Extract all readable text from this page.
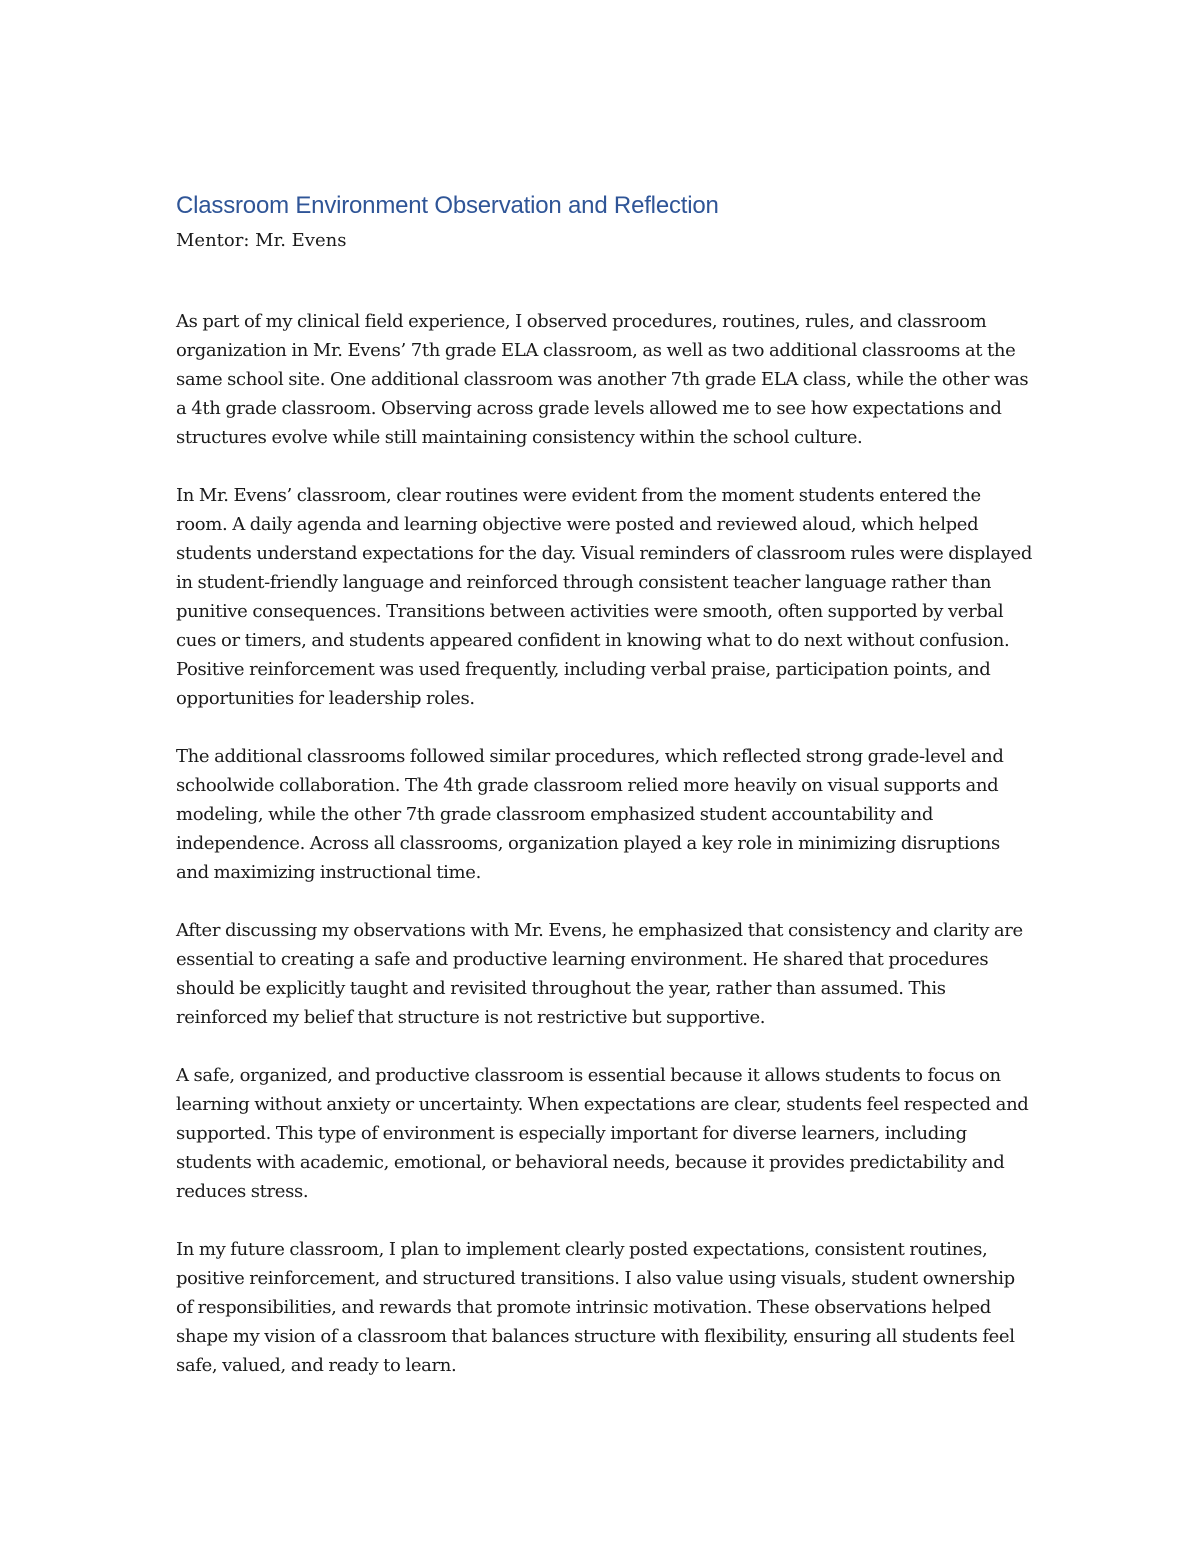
Classroom Environment Observation and Reflection

Mentor: Mr. Evens

As part of my clinical field experience, I observed procedures, routines, rules, and classroom organization in Mr. Evens’ 7th grade ELA classroom, as well as two additional classrooms at the same school site. One additional classroom was another 7th grade ELA class, while the other was a 4th grade classroom. Observing across grade levels allowed me to see how expectations and structures evolve while still maintaining consistency within the school culture.

In Mr. Evens’ classroom, clear routines were evident from the moment students entered the room. A daily agenda and learning objective were posted and reviewed aloud, which helped students understand expectations for the day. Visual reminders of classroom rules were displayed in student-friendly language and reinforced through consistent teacher language rather than punitive consequences. Transitions between activities were smooth, often supported by verbal cues or timers, and students appeared confident in knowing what to do next without confusion. Positive reinforcement was used frequently, including verbal praise, participation points, and opportunities for leadership roles.

The additional classrooms followed similar procedures, which reflected strong grade-level and schoolwide collaboration. The 4th grade classroom relied more heavily on visual supports and modeling, while the other 7th grade classroom emphasized student accountability and independence. Across all classrooms, organization played a key role in minimizing disruptions and maximizing instructional time.

After discussing my observations with Mr. Evens, he emphasized that consistency and clarity are essential to creating a safe and productive learning environment. He shared that procedures should be explicitly taught and revisited throughout the year, rather than assumed. This reinforced my belief that structure is not restrictive but supportive.

A safe, organized, and productive classroom is essential because it allows students to focus on learning without anxiety or uncertainty. When expectations are clear, students feel respected and supported. This type of environment is especially important for diverse learners, including students with academic, emotional, or behavioral needs, because it provides predictability and reduces stress.

In my future classroom, I plan to implement clearly posted expectations, consistent routines, positive reinforcement, and structured transitions. I also value using visuals, student ownership of responsibilities, and rewards that promote intrinsic motivation. These observations helped shape my vision of a classroom that balances structure with flexibility, ensuring all students feel safe, valued, and ready to learn.
